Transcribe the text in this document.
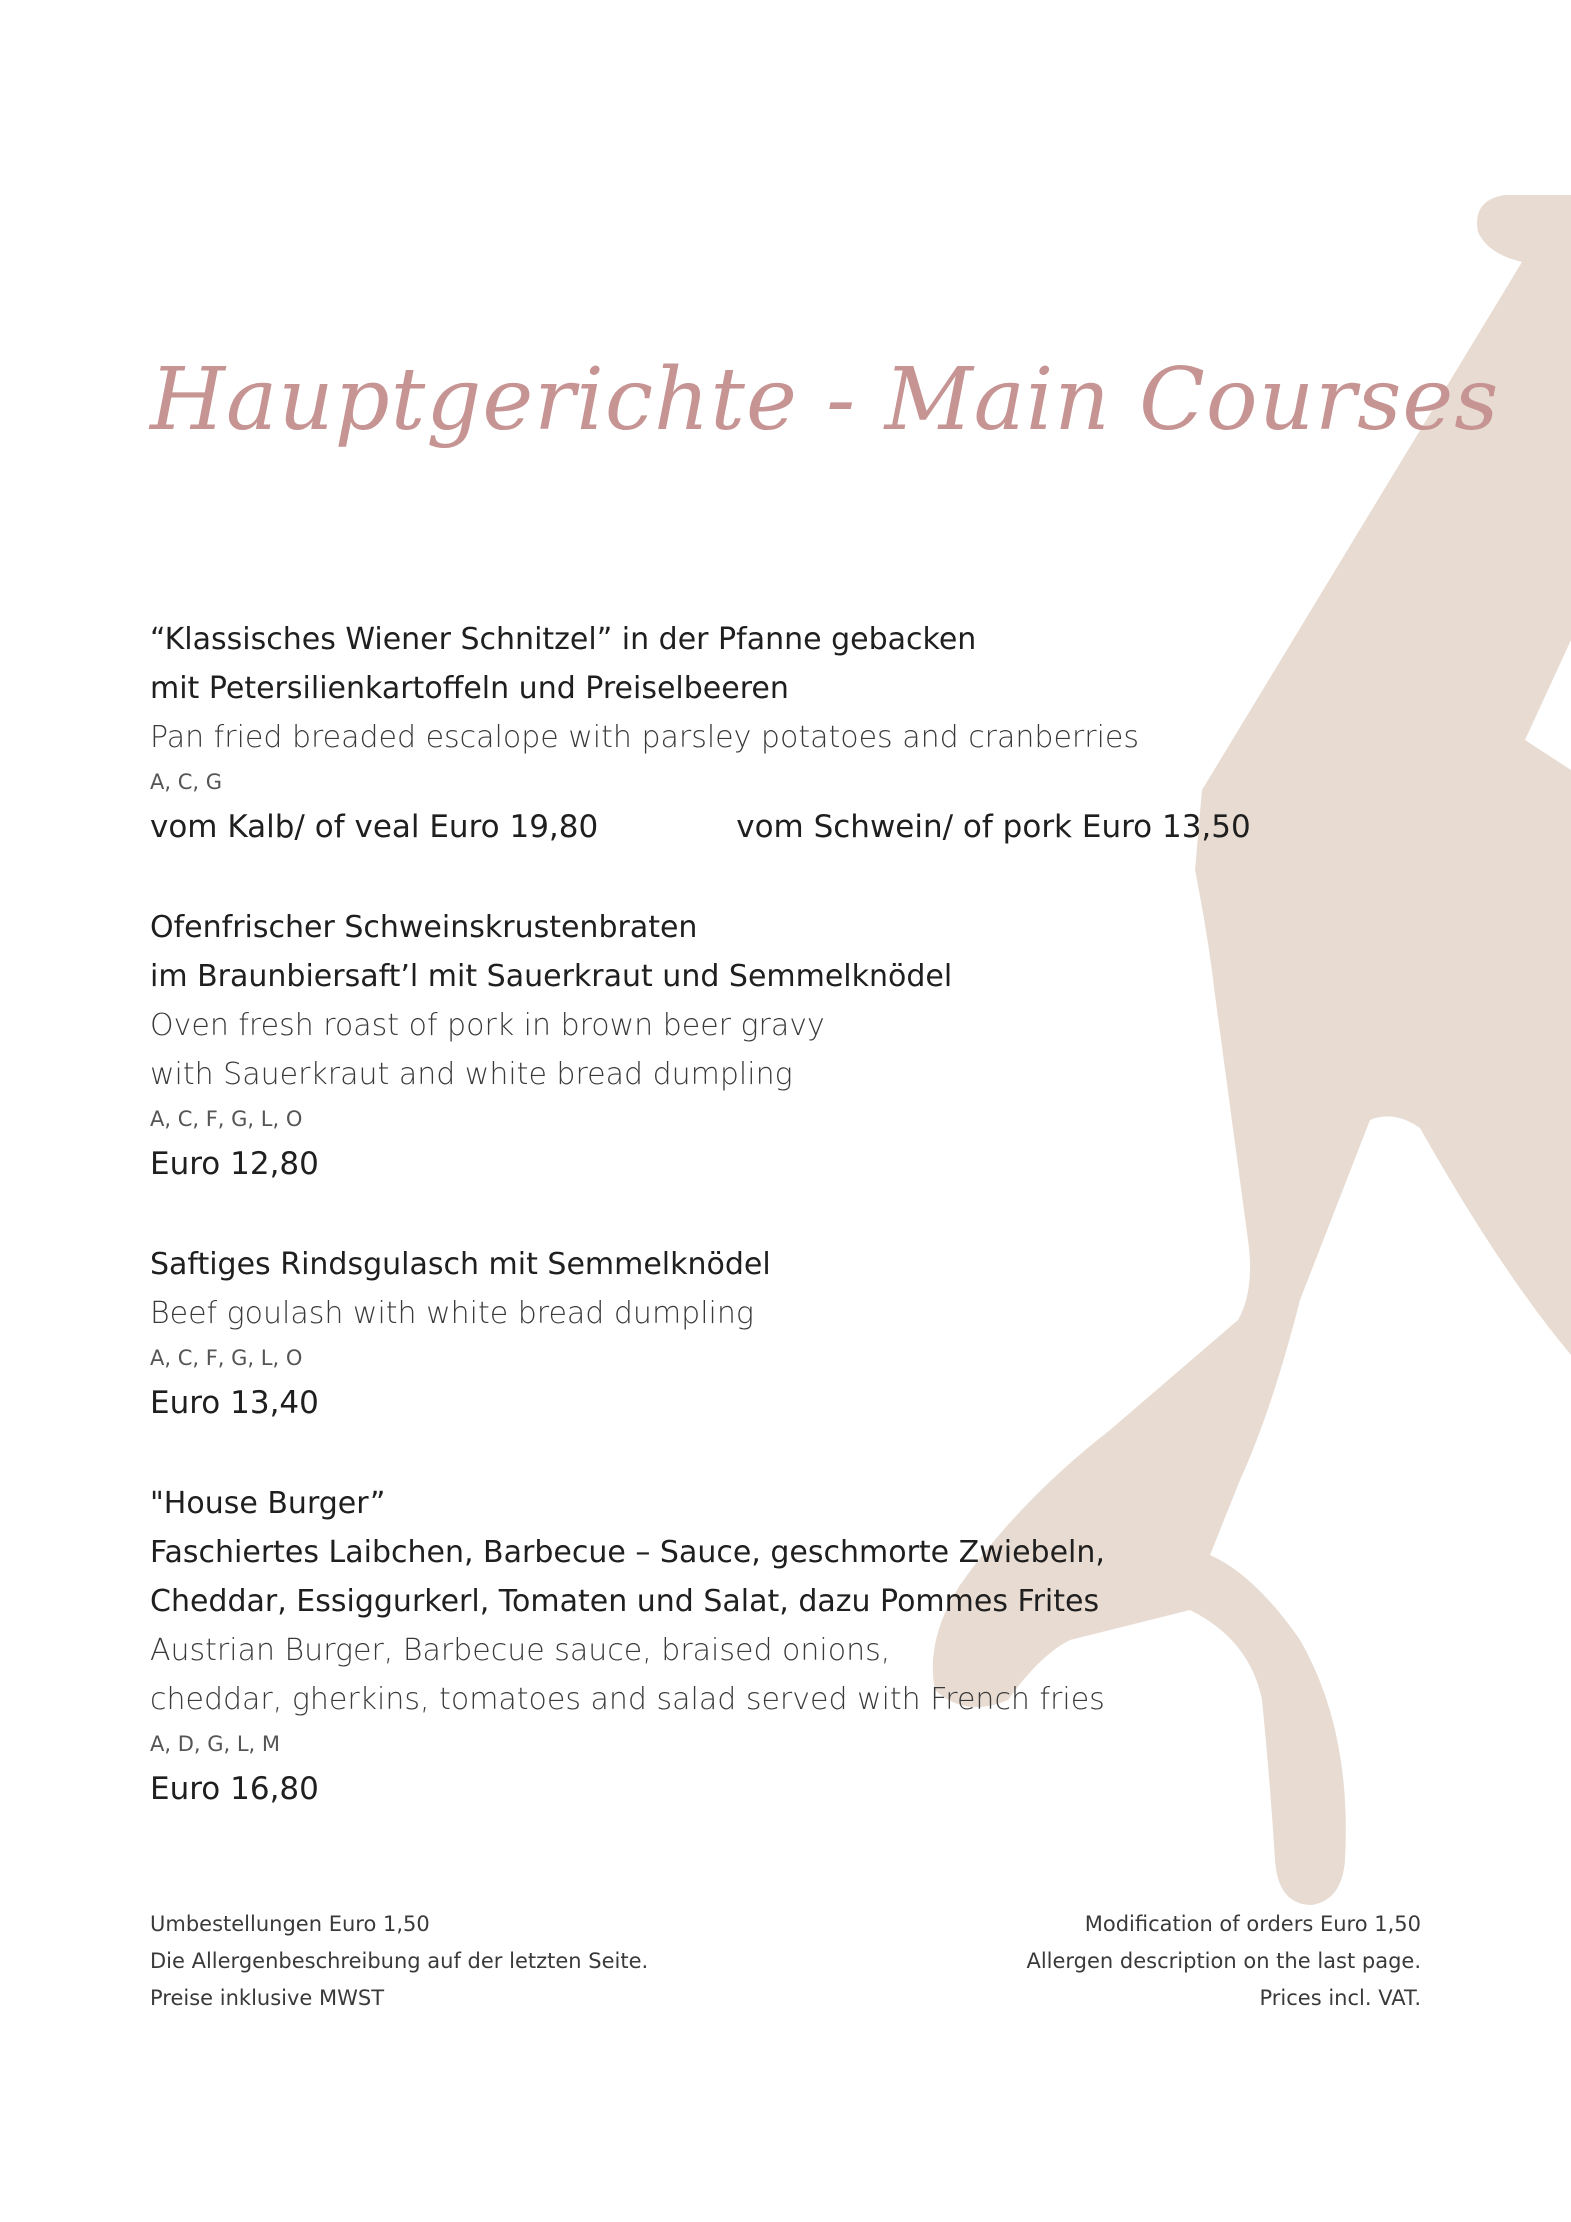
Hauptgerichte - Main Courses
“Klassisches Wiener Schnitzel” in der Pfanne gebacken
mit Petersilienkartoffeln und Preiselbeeren
Pan fried breaded escalope with parsley potatoes and cranberries
A, C, G
vom Kalb/ of veal Euro 19,80	vom Schwein/ of pork Euro 13,50
Ofenfrischer Schweinskrustenbraten
im Braunbiersaft’l mit Sauerkraut und Semmelknödel
Oven fresh roast of pork in brown beer gravy
with Sauerkraut and white bread dumpling
A, C, F, G, L, O
Euro 12,80
Saftiges Rindsgulasch mit Semmelknödel
Beef goulash with white bread dumpling
A, C, F, G, L, O
Euro 13,40
"House Burger”
Faschiertes Laibchen, Barbecue – Sauce, geschmorte Zwiebeln,
Cheddar, Essiggurkerl, Tomaten und Salat, dazu Pommes Frites
Austrian Burger, Barbecue sauce, braised onions,
cheddar, gherkins, tomatoes and salad served with French fries
A, D, G, L, M
Euro 16,80
Umbestellungen Euro 1,50
Die Allergenbeschreibung auf der letzten Seite.
Preise inklusive MWST
Modification of orders Euro 1,50
Allergen description on the last page.
Prices incl. VAT.
